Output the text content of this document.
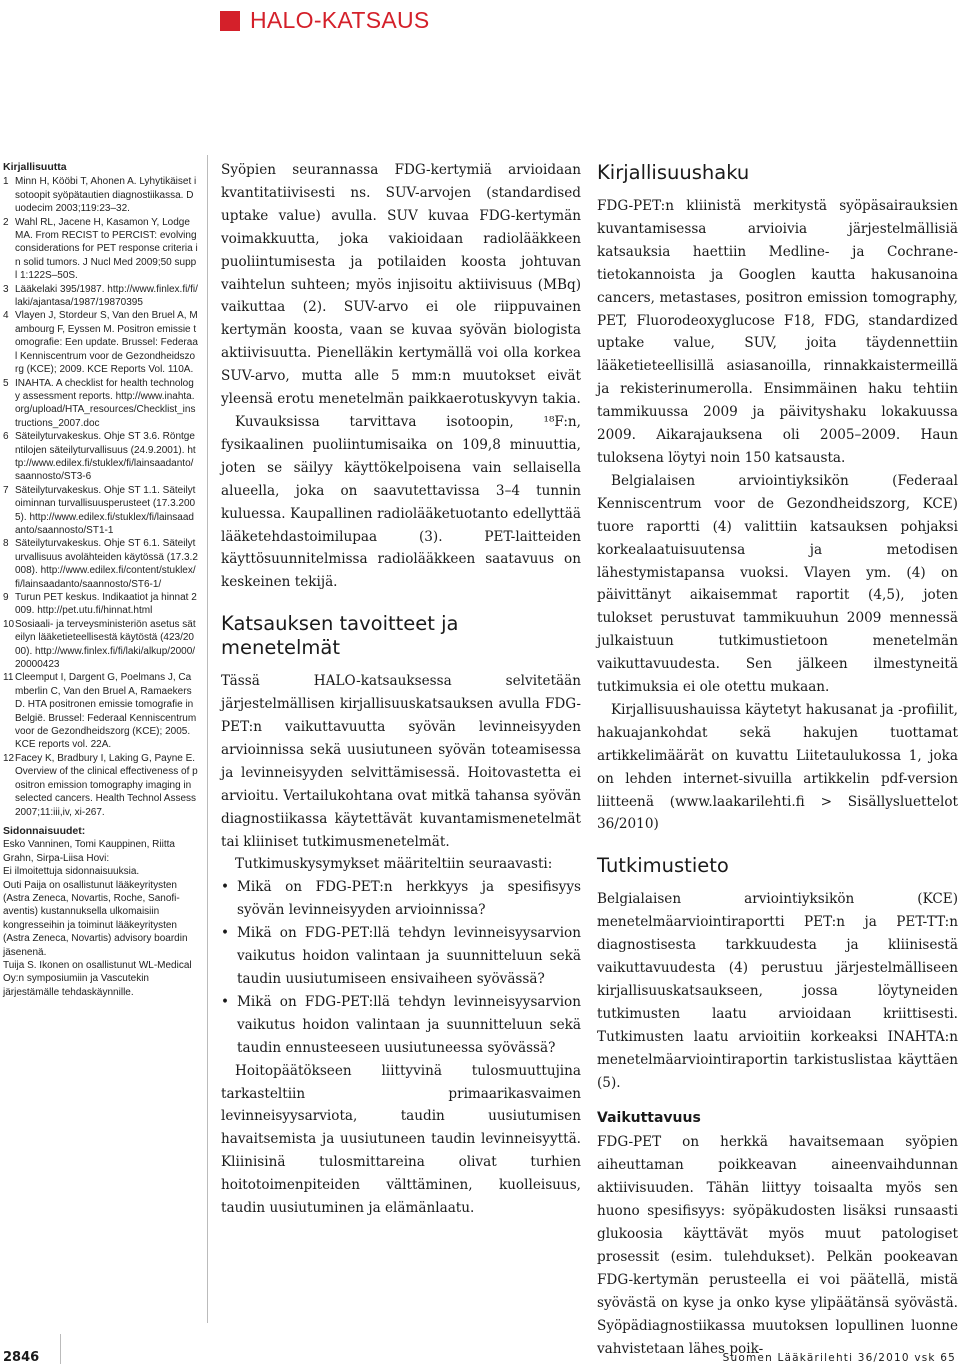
HALO-KATSAUS
Kirjallisuutta
1 Minn H, Kööbi T, Ahonen A. Lyhytikäiset isotoopit syöpätautien diagnostiikassa. Duodecim 2003;119:23–32.
2 Wahl RL, Jacene H, Kasamon Y, Lodge MA. From RECIST to PERCIST: evolving considerations for PET response criteria in solid tumors. J Nucl Med 2009;50 suppl 1:122S–50S.
3 Lääkelaki 395/1987. http://www.finlex.fi/fi/laki/ajantasa/1987/19870395
4 Vlayen J, Stordeur S, Van den Bruel A, Mambourg F, Eyssen M. Positron emissie tomografie: Een update. Brussel: Federaal Kenniscentrum voor de Gezondheidszorg (KCE); 2009. KCE Reports Vol. 110A.
5 INAHTA. A checklist for health technology assessment reports. http://www.inahta.org/upload/HTA_resources/Checklist_instructions_2007.doc
6 Säteilyturvakeskus. Ohje ST 3.6. Röntgentilojen säteilyturvallisuus (24.9.2001). http://www.edilex.fi/stuklex/fi/lainsaadanto/saannosto/ST3-6
7 Säteilyturvakeskus. Ohje ST 1.1. Säteilytoiminnan turvallisuusperusteet (17.3.2005). http://www.edilex.fi/stuklex/fi/lainsaadanto/saannosto/ST1-1
8 Säteilyturvakeskus. Ohje ST 6.1. Säteilyturvallisuus avolähteiden käytössä (17.3.2008). http://www.edilex.fi/content/stuklex/fi/lainsaadanto/saannosto/ST6-1/
9 Turun PET keskus. Indikaatiot ja hinnat 2009. http://pet.utu.fi/hinnat.html
10 Sosiaali- ja terveysministeriön asetus säteilyn lääketieteellisestä käytöstä (423/2000). http://www.finlex.fi/fi/laki/alkup/2000/20000423
11 Cleemput I, Dargent G, Poelmans J, Camberlin C, Van den Bruel A, Ramaekers D. HTA positronen emissie tomografie in België. Brussel: Federaal Kenniscentrum voor de Gezondheidszorg (KCE); 2005. KCE reports vol. 22A.
12 Facey K, Bradbury I, Laking G, Payne E. Overview of the clinical effectiveness of positron emission tomography imaging in selected cancers. Health Technol Assess 2007;11:iii,iv, xi-267.
Sidonnaisuudet:
Esko Vanninen, Tomi Kauppinen, Riitta Grahn, Sirpa-Liisa Hovi:
Ei ilmoitettuja sidonnaisuuksia.
Outi Paija on osallistunut lääkeyritysten (Astra Zeneca, Novartis, Roche, Sanofi-aventis) kustannuksella ulkomaisiin kongresseihin ja toiminut lääkeyritysten (Astra Zeneca, Novartis) advisory boardin jäsenenä.
Tuija S. Ikonen on osallistunut WL-Medical Oy:n symposiumiin ja Vascutekin järjestämälle tehdaskäynnille.

Syöpien seurannassa FDG-kertymiä arvioidaan kvantitatiivisesti ns. SUV-arvojen (standardised uptake value) avulla. SUV kuvaa FDG-kertymän voimakkuutta, joka vakioidaan radiolääkkeen puoliintumisesta ja potilaiden koosta johtuvan vaihtelun suhteen; myös injisoitu aktiivisuus (MBq) vaikuttaa (2). SUV-arvo ei ole riippuvainen kertymän koosta, vaan se kuvaa syövän biologista aktiivisuutta. Pienelläkin kertymällä voi olla korkea SUV-arvo, mutta alle 5 mm:n muutokset eivät yleensä erotu menetelmän paikkaerotuskyvyn takia.

Kuvauksissa tarvittava isotoopin, ¹⁸F:n, fysikaalinen puoliintumisaika on 109,8 minuuttia, joten se säilyy käyttökelpoisena vain sellaisella alueella, joka on saavutettavissa 3–4 tunnin kuluessa. Kaupallinen radiolääketuotanto edellyttää lääketehdastoimilupaa (3). PET-laitteiden käyttösuunnitelmissa radiolääkkeen saatavuus on keskeinen tekijä.

Katsauksen tavoitteet ja menetelmät

Tässä HALO-katsauksessa selvitetään järjestelmällisen kirjallisuuskatsauksen avulla FDG-PET:n vaikuttavuutta syövän levinneisyyden arvioinnissa sekä uusiutuneen syövän toteamisessa ja levinneisyyden selvittämisessä. Hoitovastetta ei arvioitu. Vertailukohtana ovat mitkä tahansa syövän diagnostiikassa käytettävät kuvantamismenetelmät tai kliiniset tutkimusmenetelmät.

Tutkimuskysymykset määriteltiin seuraavasti:

• Mikä on FDG-PET:n herkkyys ja spesifisyys syövän levinneisyyden arvioinnissa?
• Mikä on FDG-PET:llä tehdyn levinneisyysarvion vaikutus hoidon valintaan ja suunnitteluun sekä taudin uusiutumiseen ensivaiheen syövässä?
• Mikä on FDG-PET:llä tehdyn levinneisyysarvion vaikutus hoidon valintaan ja suunnitteluun sekä taudin ennusteeseen uusiutuneessa syövässä?

Hoitopäätökseen liittyvinä tulosmuuttujina tarkasteltiin primaarikasvaimen levinneisyysarviota, taudin uusiutumisen havaitsemista ja uusiutuneen taudin levinneisyyttä. Kliinisinä tulosmittareina olivat turhien hoitotoimenpiteiden välttäminen, kuolleisuus, taudin uusiutuminen ja elämänlaatu.

Kirjallisuushaku

FDG-PET:n kliinistä merkitystä syöpäsairauksien kuvantamisessa arvioivia järjestelmällisiä katsauksia haettiin Medline- ja Cochrane-tietokannoista ja Googlen kautta hakusanoina cancers, metastases, positron emission tomography, PET, Fluorodeoxyglucose F18, FDG, standardized uptake value, SUV, joita täydennettiin lääketieteellisillä asiasanoilla, rinnakkaistermeillä ja rekisterinumerolla. Ensimmäinen haku tehtiin tammikuussa 2009 ja päivityshaku lokakuussa 2009. Aikarajauksena oli 2005–2009. Haun tuloksena löytyi noin 150 katsausta.

Belgialaisen arviointiyksikön (Federaal Kenniscentrum voor de Gezondheidszorg, KCE) tuore raportti (4) valittiin katsauksen pohjaksi korkealaatuisuutensa ja metodisen lähestymistapansa vuoksi. Vlayen ym. (4) on päivittänyt aikaisemmat raportit (4,5), joten tulokset perustuvat tammikuuhun 2009 mennessä julkaistuun tutkimustietoon menetelmän vaikuttavuudesta. Sen jälkeen ilmestyneitä tutkimuksia ei ole otettu mukaan.

Kirjallisuushauissa käytetyt hakusanat ja -profiilit, hakuajankohdat sekä hakujen tuottamat artikkelimäärät on kuvattu Liitetaulukossa 1, joka on lehden internet-sivuilla artikkelin pdf-version liitteenä (www.laakarilehti.fi > Sisällysluettelot 36/2010)

Tutkimustieto

Belgialaisen arviointiyksikön (KCE) menetelmäarviointiraportti PET:n ja PET-TT:n diagnostisesta tarkkuudesta ja kliinisestä vaikuttavuudesta (4) perustuu järjestelmälliseen kirjallisuuskatsaukseen, jossa löytyneiden tutkimusten laatu arvioidaan kriittisesti. Tutkimusten laatu arvioitiin korkeaksi INAHTA:n menetelmäarviointiraportin tarkistuslistaa käyttäen (5).

Vaikuttavuus

FDG-PET on herkkä havaitsemaan syöpien aiheuttaman poikkeavan aineenvaihdunnan aktiivisuuden. Tähän liittyy toisaalta myös sen huono spesifisyys: syöpäkudosten lisäksi runsaasti glukoosia käyttävät myös muut patologiset prosessit (esim. tulehdukset). Pelkän pookeavan FDG-kertymän perusteella ei voi päätellä, mistä syövästä on kyse ja onko kyse ylipäätänsä syövästä. Syöpädiagnostiikassa muutoksen lopullinen luonne vahvistetaan lähes poik-

2846	Suomen Lääkärilehti 36/2010 vsk 65
